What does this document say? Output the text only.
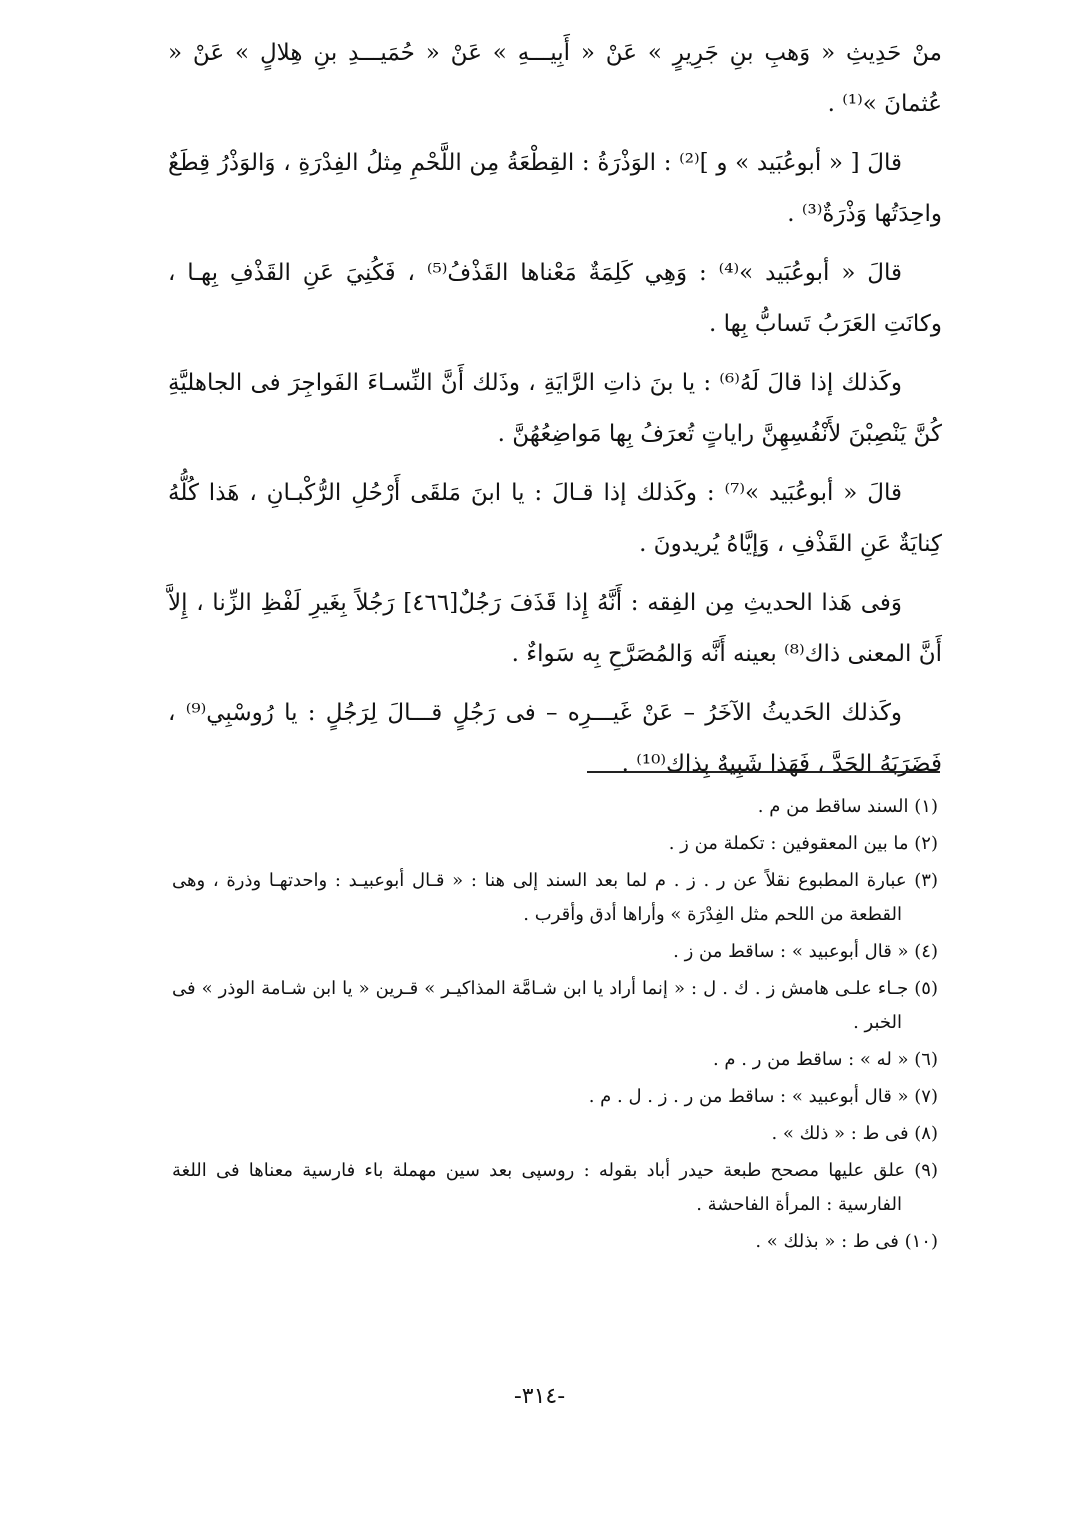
منْ حَدِيثِ « وَهبِ بنِ جَرِيرٍ » عَنْ « أَبِيـــهِ » عَنْ « حُمَيـــدِ بنِ هِلالٍ » عَنْ « عُثمانَ »⁽¹⁾ .

قالَ [ « أبوعُبَيد » و ]⁽²⁾ : الوَذْرَةُ : القِطْعَةُ مِن اللَّحْمِ مِثلُ الفِدْرَةِ ، وَالوَذْرُ قِطَعٌ واحِدَتُها وَذْرَةٌ⁽³⁾ .

قالَ « أبوعُبَيد »⁽⁴⁾ : وَهِي كَلِمَةٌ مَعْناها القَذْفُ⁽⁵⁾ ، فَكُنِيَ عَنِ القَذْفِ بِهـا ، وكانَتِ العَرَبُ تَسابُّ بِها .

وكَذلك إذا قالَ لَهُ⁽⁶⁾ : يا بنَ ذاتِ الرَّايَةِ ، وذَلك أَنَّ النِّسـاءَ الفَواجِرَ فى الجاهليَّةِ كُنَّ يَنْصِبْنَ لأَنْفُسِهِنَّ راياتٍ تُعرَفُ بِها مَواضِعُهُنَّ .

قالَ « أبوعُبَيد »⁽⁷⁾ : وكَذلك إذا قـالَ : يا ابنَ مَلقَى أَرْحُلِ الرُّكْبـانِ ، هَذا كُلُّهُ كِنايَةٌ عَنِ القَذْفِ ، وَإيَّاهُ يُريدونَ .

وَفى هَذا الحديثِ مِن الفِقه : أَنَّهُ إِذا قَذَفَ رَجُلٌ[٤٦٦] رَجُلاً بِغَيرِ لَفْظِ الزِّنا ، إِلاَّ أَنَّ المعنى ذاك⁽⁸⁾ بعينه أَنَّه وَالمُصَرَّحِ بِه سَواءٌ .

وكَذلك الحَديثُ الآخَرُ – عَنْ غَيـــرِه – فى رَجُلٍ قـــالَ لِرَجُلٍ : يا رُوسْبِي⁽⁹⁾ ، فَضَرَبَهُ الحَدَّ ، فَهَذا شَبِيهٌ بِذاك⁽¹⁰⁾ .

(١) السند ساقط من م .

(٢) ما بين المعقوفين : تكملة من ز .

(٣) عبارة المطبوع نقلاً عن ر . ز . م لما بعد السند إلى هنا : « قـال أبوعبيـد : واحدتهـا وذرة ، وهى القطعة من اللحم مثل الفِدْرَة » وأراها أدق وأقرب .

(٤) « قال أبوعبيد » : ساقط من ز .

(٥) جـاء علـى هامش ز . ك . ل : « إنما أراد يا ابن شـامَّة المذاكيـر » قـرين « يا ابن شـامة الوذر » فى الخبر .

(٦) « له » : ساقط من ر . م .

(٧) « قال أبوعبيد » : ساقط من ر . ز . ل . م .

(٨) فى ط : « ذلك » .

(٩) علق عليها مصحح طبعة حيدر أباد بقوله : روسپى بعد سين مهملة باء فارسية معناها فى اللغة الفارسية : المرأة الفاحشة .

(١٠) فى ط : « بذلك » .

-٣١٤-
